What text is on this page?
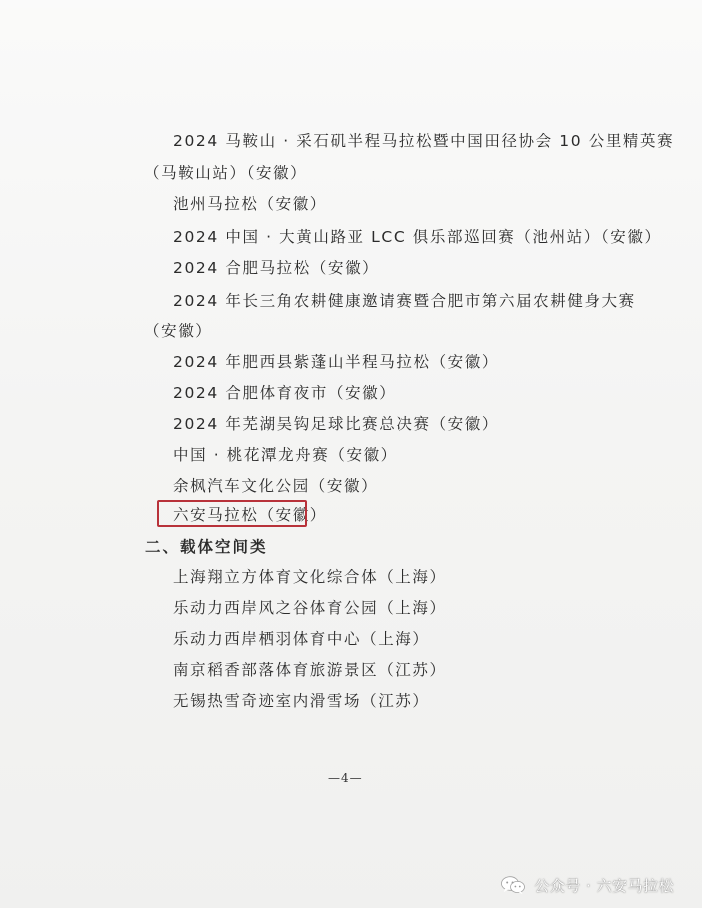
2024 马鞍山 · 采石矶半程马拉松暨中国田径协会 10 公里精英赛
（马鞍山站）（安徽）
池州马拉松（安徽）
2024 中国 · 大黄山路亚 LCC 俱乐部巡回赛（池州站）（安徽）
2024 合肥马拉松（安徽）
2024 年长三角农耕健康邀请赛暨合肥市第六届农耕健身大赛
（安徽）
2024 年肥西县紫蓬山半程马拉松（安徽）
2024 合肥体育夜市（安徽）
2024 年芜湖吴钩足球比赛总决赛（安徽）
中国 · 桃花潭龙舟赛（安徽）
余枫汽车文化公园（安徽）
六安马拉松（安徽）
二、载体空间类
上海翔立方体育文化综合体（上海）
乐动力西岸风之谷体育公园（上海）
乐动力西岸栖羽体育中心（上海）
南京稻香部落体育旅游景区（江苏）
无锡热雪奇迹室内滑雪场（江苏）
—4—
公众号 · 六安马拉松
